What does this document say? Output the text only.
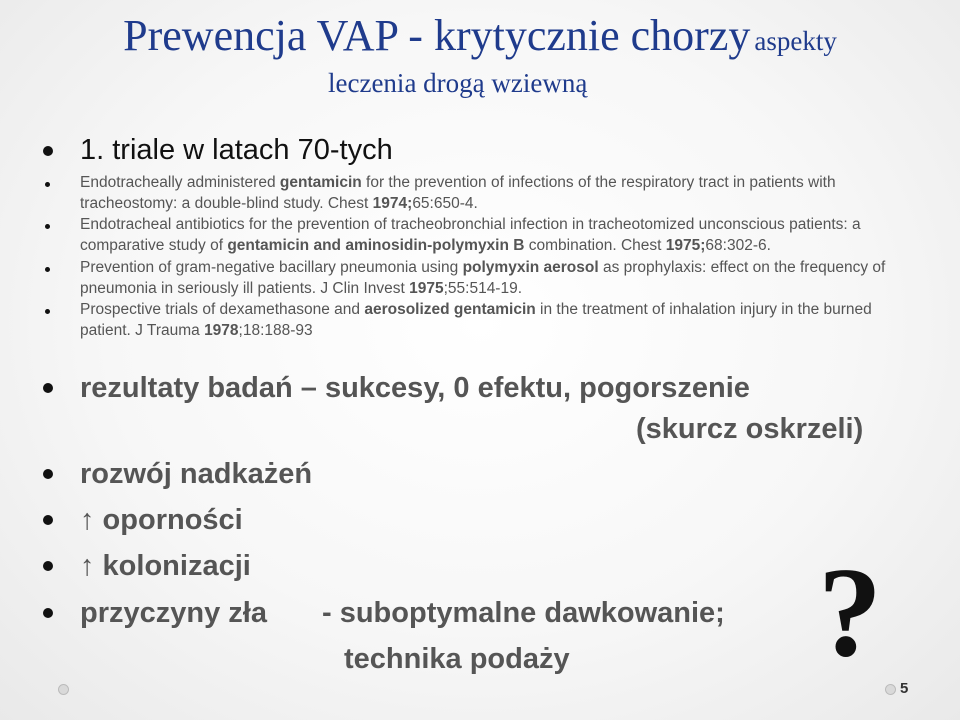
Prewencja VAP - krytycznie chorzy aspekty
leczenia drogą wziewną
1. triale w latach 70-tych
Endotracheally administered gentamicin for the prevention of infections of the respiratory tract in patients with tracheostomy: a double-blind study. Chest 1974;65:650-4.
Endotracheal antibiotics for the prevention of tracheobronchial infection in tracheotomized unconscious patients: a comparative study of gentamicin and aminosidin-polymyxin B combination. Chest 1975;68:302-6.
Prevention of gram-negative bacillary pneumonia using polymyxin aerosol as prophylaxis: effect on the frequency of pneumonia in seriously ill patients. J Clin Invest 1975;55:514-19.
Prospective trials of dexamethasone and aerosolized gentamicin in the treatment of inhalation injury in the burned patient. J Trauma 1978;18:188-93
rezultaty badań – sukcesy, 0 efektu, pogorszenie
(skurcz oskrzeli)
rozwój nadkażeń
↑ oporności
↑ kolonizacji
przyczyny zła - suboptymalne dawkowanie;
technika podaży ?
5
